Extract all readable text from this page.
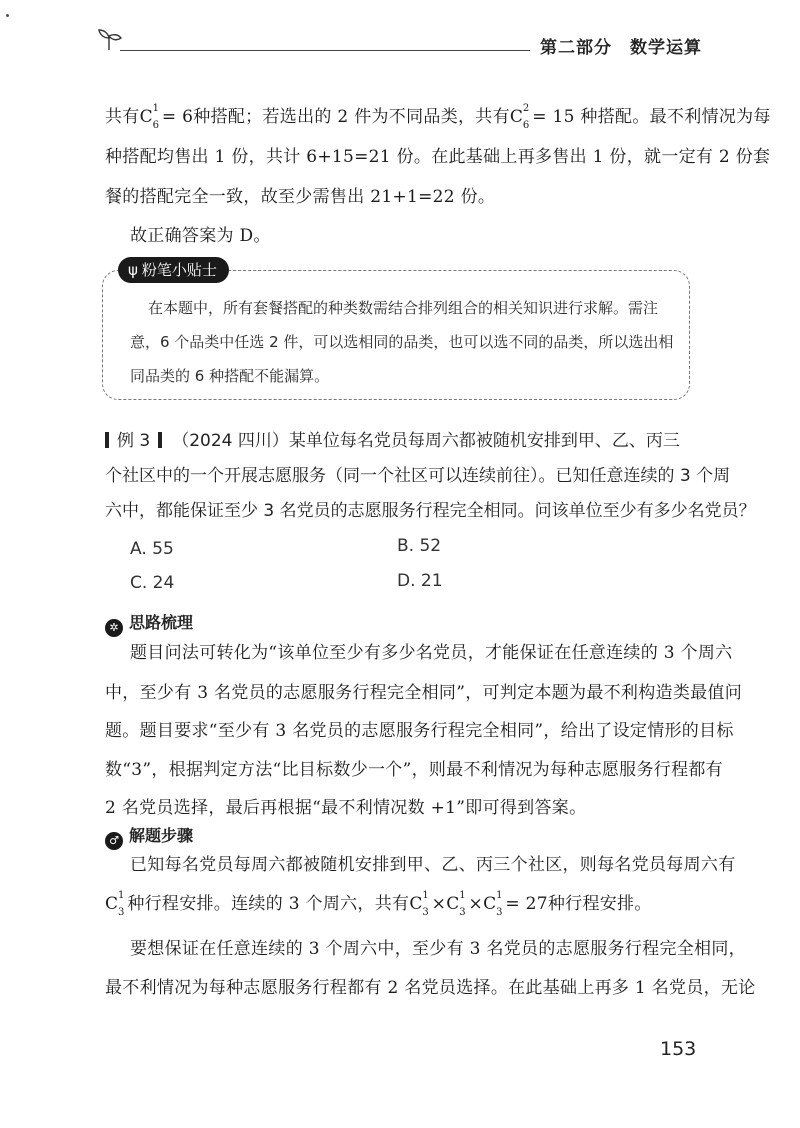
第二部分 数学运算
共有C 1
6 = 6种搭配；若选出的 2 件为不同品类，共有C 2
6 = 15 种搭配。最不利情况为每
种搭配均售出 1 份，共计 6+15=21 份。在此基础上再多售出 1 份，就一定有 2 份套
餐的搭配完全一致，故至少需售出 21+1=22 份。
故正确答案为 D。
ψ 粉笔小贴士
在本题中，所有套餐搭配的种类数需结合排列组合的相关知识进行求解。需注
意，6 个品类中任选 2 件，可以选相同的品类，也可以选不同的品类，所以选出相
同品类的 6 种搭配不能漏算。
例 3 （2024 四川）某单位每名党员每周六都被随机安排到甲、乙、丙三
个社区中的一个开展志愿服务（同一个社区可以连续前往）。已知任意连续的 3 个周
六中，都能保证至少 3 名党员的志愿服务行程完全相同。问该单位至少有多少名党员？
A. 55	B. 52
C. 24	D. 21
✲ 思路梳理
题目问法可转化为“该单位至少有多少名党员，才能保证在任意连续的 3 个周六
中，至少有 3 名党员的志愿服务行程完全相同”，可判定本题为最不利构造类最值问
题。题目要求“至少有 3 名党员的志愿服务行程完全相同”，给出了设定情形的目标
数“3”，根据判定方法“比目标数少一个”，则最不利情况为每种志愿服务行程都有
2 名党员选择，最后再根据“最不利情况数 +1”即可得到答案。
♂ 解题步骤
已知每名党员每周六都被随机安排到甲、乙、丙三个社区，则每名党员每周六有
C 1
3 种行程安排。连续的 3 个周六，共有C 1
3 ×C 1
3 ×C 1
3 = 27种行程安排。
要想保证在任意连续的 3 个周六中，至少有 3 名党员的志愿服务行程完全相同，
最不利情况为每种志愿服务行程都有 2 名党员选择。在此基础上再多 1 名党员，无论
153
